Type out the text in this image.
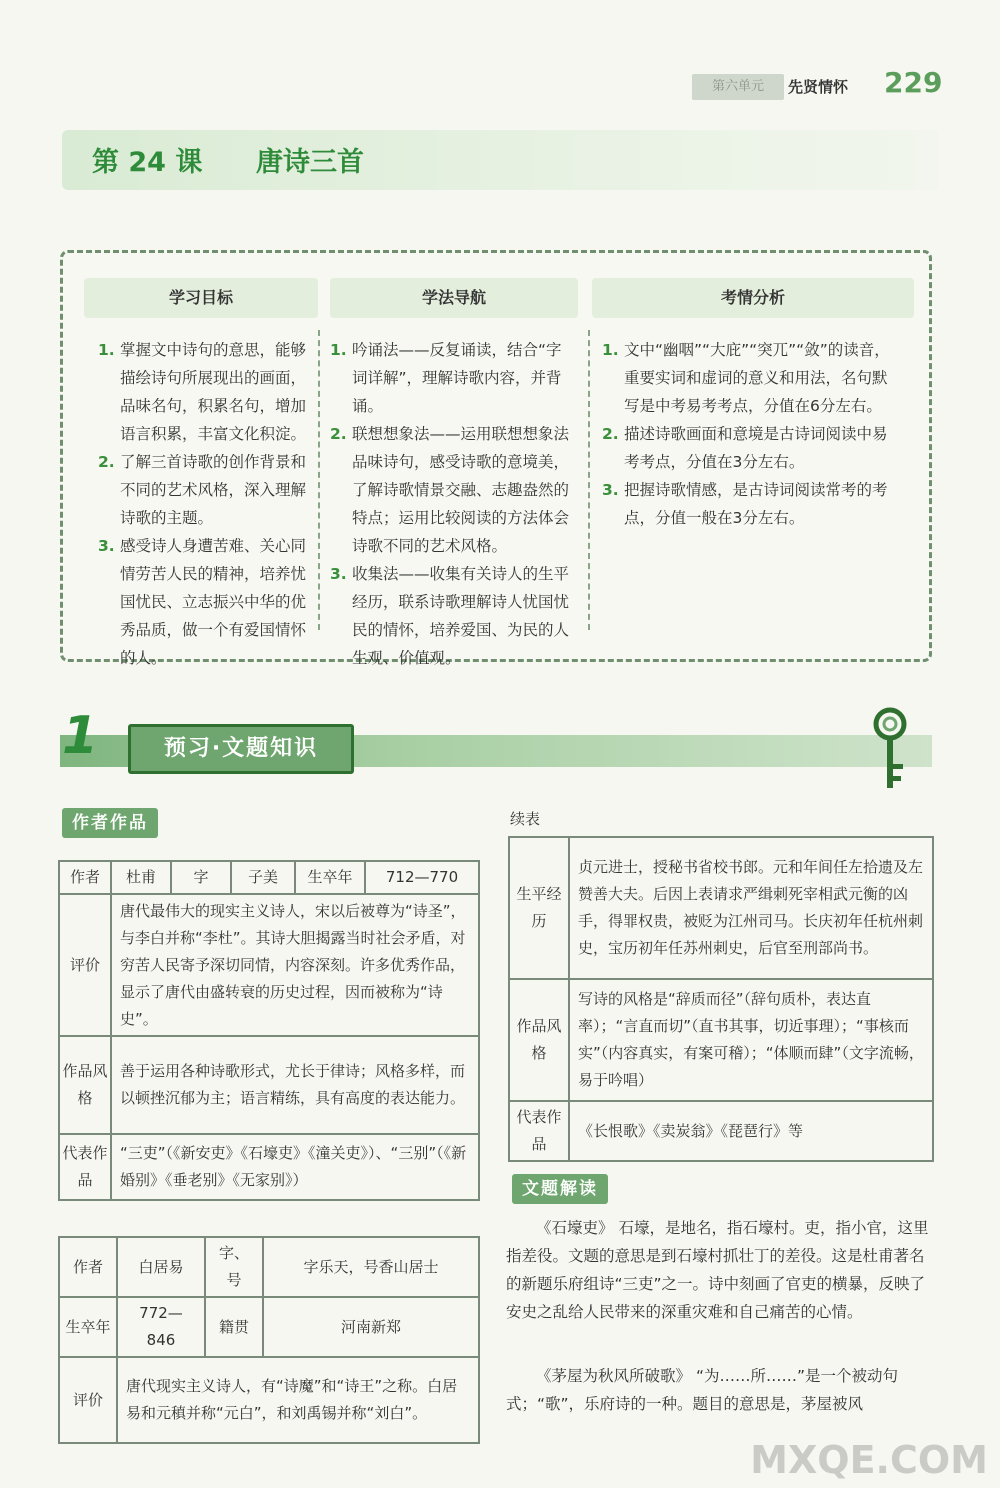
第六单元	先贤情怀 229
第 24 课 唐诗三首
学习目标	学法导航	考情分析
1. 掌握文中诗句的意思，能够描绘诗句所展现出的画面，品味名句，积累名句，增加语言积累，丰富文化积淀。
2. 了解三首诗歌的创作背景和不同的艺术风格，深入理解诗歌的主题。
3. 感受诗人身遭苦难、关心同情劳苦人民的精神，培养忧国忧民、立志振兴中华的优秀品质，做一个有爱国情怀的人。
1. 吟诵法——反复诵读，结合“字词详解”，理解诗歌内容，并背诵。
2. 联想想象法——运用联想想象法品味诗句，感受诗歌的意境美，了解诗歌情景交融、志趣盎然的特点；运用比较阅读的方法体会诗歌不同的艺术风格。
3. 收集法——收集有关诗人的生平经历，联系诗歌理解诗人忧国忧民的情怀，培养爱国、为民的人生观、价值观。
1. 文中“幽咽”“大庇”“突兀”“敛”的读音，重要实词和虚词的意义和用法，名句默写是中考易考考点，分值在6分左右。
2. 描述诗歌画面和意境是古诗词阅读中易考考点，分值在3分左右。
3. 把握诗歌情感，是古诗词阅读常考的考点，分值一般在3分左右。
1	预习·文题知识
作者作品
作者	杜甫	字	子美	生卒年	712—770
评价	唐代最伟大的现实主义诗人，宋以后被尊为“诗圣”，与李白并称“李杜”。其诗大胆揭露当时社会矛盾，对穷苦人民寄予深切同情，内容深刻。许多优秀作品，显示了唐代由盛转衰的历史过程，因而被称为“诗史”。				
作品风格	善于运用各种诗歌形式，尤长于律诗；风格多样，而以顿挫沉郁为主；语言精练，具有高度的表达能力。				
代表作品	“三吏”（《新安吏》《石壕吏》《潼关吏》）、“三别”（《新婚别》《垂老别》《无家别》）				
作者	白居易	字、号	字乐天，号香山居士
生卒年	772—846	籍贯	河南新郑
评价	唐代现实主义诗人，有“诗魔”和“诗王”之称。白居易和元稹并称“元白”，和刘禹锡并称“刘白”。		
续表
生平经历	贞元进士，授秘书省校书郎。元和年间任左拾遗及左赞善大夫。后因上表请求严缉刺死宰相武元衡的凶手，得罪权贵，被贬为江州司马。长庆初年任杭州刺史，宝历初年任苏州刺史，后官至刑部尚书。
作品风格	写诗的风格是“辞质而径”（辞句质朴，表达直率）；“言直而切”（直书其事，切近事理）；“事核而实”（内容真实，有案可稽）；“体顺而肆”（文字流畅，易于吟唱）
代表作品	《长恨歌》《卖炭翁》《琵琶行》等
文题解读
《石壕吏》 石壕，是地名，指石壕村。吏，指小官，这里指差役。文题的意思是到石壕村抓壮丁的差役。这是杜甫著名的新题乐府组诗“三吏”之一。诗中刻画了官吏的横暴，反映了安史之乱给人民带来的深重灾难和自己痛苦的心情。
《茅屋为秋风所破歌》 “为……所……”是一个被动句式；“歌”，乐府诗的一种。题目的意思是，茅屋被风
MXQE.COM
